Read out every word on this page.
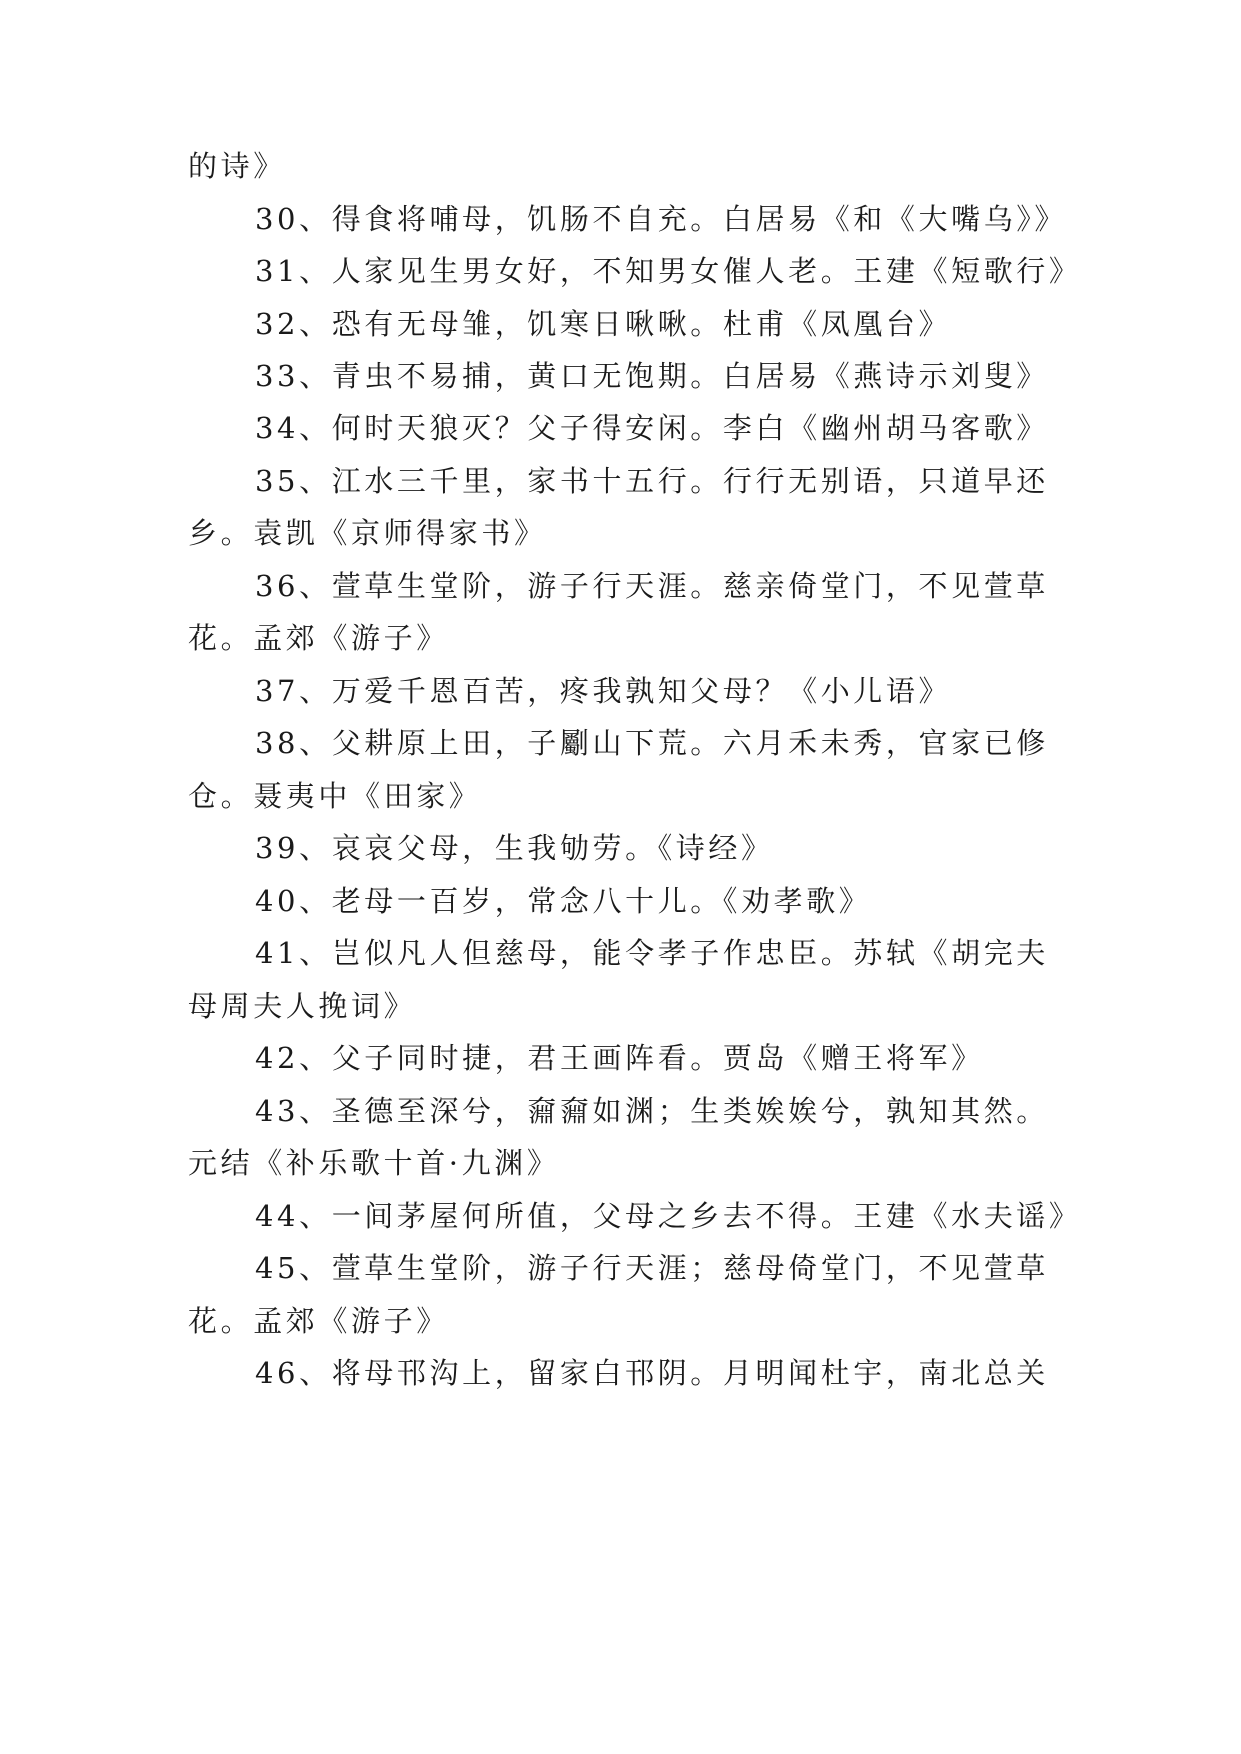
的诗》
30、得食将哺母，饥肠不自充。白居易《和《大嘴乌》》
31、人家见生男女好，不知男女催人老。王建《短歌行》
32、恐有无母雏，饥寒日啾啾。杜甫《凤凰台》
33、青虫不易捕，黄口无饱期。白居易《燕诗示刘叟》
34、何时天狼灭？父子得安闲。李白《幽州胡马客歌》
35、江水三千里，家书十五行。行行无别语，只道早还
乡。袁凯《京师得家书》
36、萱草生堂阶，游子行天涯。慈亲倚堂门，不见萱草
花。孟郊《游子》
37、万爱千恩百苦，疼我孰知父母？《小儿语》
38、父耕原上田，子劚山下荒。六月禾未秀，官家已修
仓。聂夷中《田家》
39、哀哀父母，生我劬劳。《诗经》
40、老母一百岁，常念八十儿。《劝孝歌》
41、岂似凡人但慈母，能令孝子作忠臣。苏轼《胡完夫
母周夫人挽词》
42、父子同时捷，君王画阵看。贾岛《赠王将军》
43、圣德至深兮，奫奫如渊；生类娭娭兮，孰知其然。
元结《补乐歌十首·九渊》
44、一间茅屋何所值，父母之乡去不得。王建《水夫谣》
45、萱草生堂阶，游子行天涯；慈母倚堂门，不见萱草
花。孟郊《游子》
46、将母邗沟上，留家白邗阴。月明闻杜宇，南北总关
